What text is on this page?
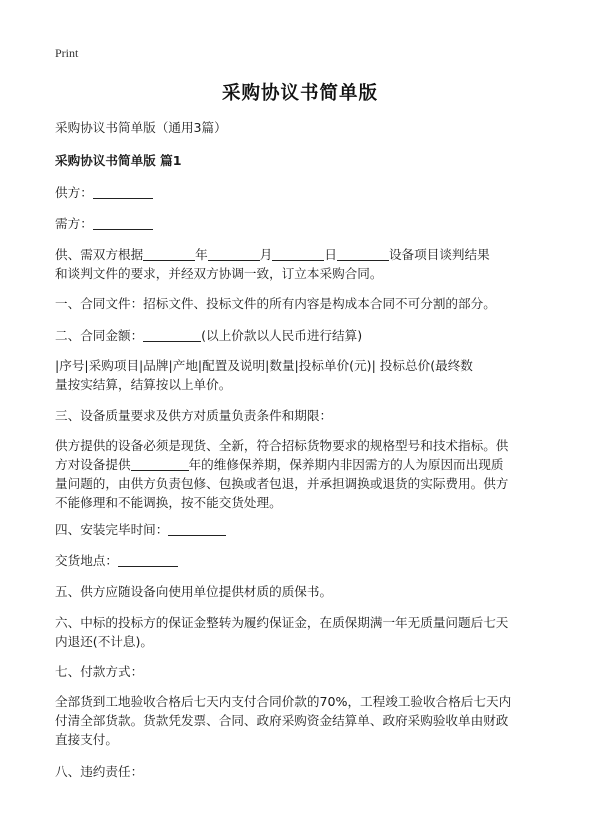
Print
采购协议书简单版
采购协议书简单版（通用3篇）
采购协议书简单版 篇1
供方：
需方：
供、需双方根据	年	月	日	设备项目谈判结果
和谈判文件的要求，并经双方协调一致，订立本采购合同。
一、合同文件：招标文件、投标文件的所有内容是构成本合同不可分割的部分。
二、合同金额：	(以上价款以人民币进行结算)
|序号|采购项目|品牌|产地|配置及说明|数量|投标单价(元)| 投标总价(最终数
量按实结算，结算按以上单价。
三、设备质量要求及供方对质量负责条件和期限：
供方提供的设备必须是现货、全新，符合招标货物要求的规格型号和技术指标。供
方对设备提供	年的维修保养期，保养期内非因需方的人为原因而出现质
量问题的，由供方负责包修、包换或者包退，并承担调换或退货的实际费用。供方
不能修理和不能调换，按不能交货处理。
四、安装完毕时间：
交货地点：
五、供方应随设备向使用单位提供材质的质保书。
六、中标的投标方的保证金整转为履约保证金，在质保期满一年无质量问题后七天
内退还(不计息)。
七、付款方式：
全部货到工地验收合格后七天内支付合同价款的70%，工程竣工验收合格后七天内
付清全部货款。货款凭发票、合同、政府采购资金结算单、政府采购验收单由财政
直接支付。
八、违约责任：
